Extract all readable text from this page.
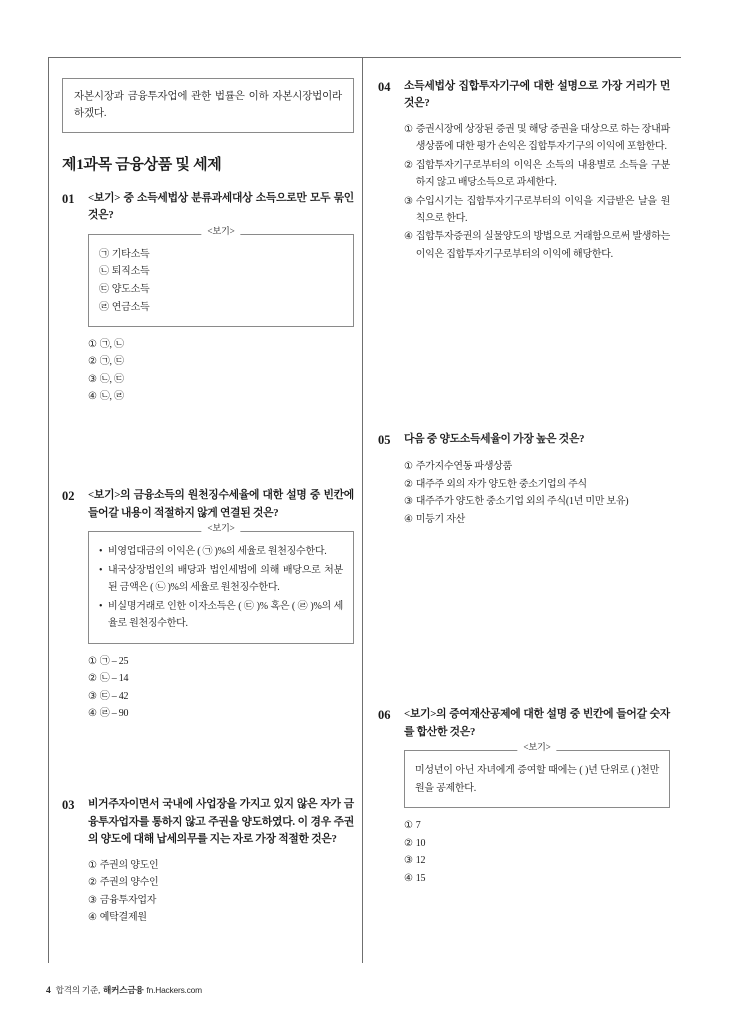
자본시장과 금융투자업에 관한 법률은 이하 자본시장법이라 하겠다.
제1과목 금융상품 및 세제
01	<보기> 중 소득세법상 분류과세대상 소득으로만 모두 묶인 것은?
㉠ 기타소득
㉡ 퇴직소득
㉢ 양도소득
㉣ 연금소득
<보기>
① ㉠, ㉡
② ㉠, ㉢
③ ㉡, ㉢
④ ㉡, ㉣
02	<보기>의 금융소득의 원천징수세율에 대한 설명 중 빈칸에 들어갈 내용이 적절하지 않게 연결된 것은?
• 비영업대금의 이익은 ( ㉠ )%의 세율로 원천징수한다.
• 내국상장법인의 배당과 법인세법에 의해 배당으로 처분된 금액은 ( ㉡ )%의 세율로 원천징수한다.
• 비실명거래로 인한 이자소득은 ( ㉢ )% 혹은 ( ㉣ )%의 세율로 원천징수한다.
<보기>
① ㉠ – 25
② ㉡ – 14
③ ㉢ – 42
④ ㉣ – 90
03	비거주자이면서 국내에 사업장을 가지고 있지 않은 자가 금융투자업자를 통하지 않고 주권을 양도하였다. 이 경우 주권의 양도에 대해 납세의무를 지는 자로 가장 적절한 것은?
① 주권의 양도인
② 주권의 양수인
③ 금융투자업자
④ 예탁결제원
04	소득세법상 집합투자기구에 대한 설명으로 가장 거리가 먼 것은?
① 증권시장에 상장된 증권 및 해당 증권을 대상으로 하는 장내파생상품에 대한 평가 손익은 집합투자기구의 이익에 포함한다.
② 집합투자기구로부터의 이익은 소득의 내용별로 소득을 구분하지 않고 배당소득으로 과세한다.
③ 수입시기는 집합투자기구로부터의 이익을 지급받은 날을 원칙으로 한다.
④ 집합투자증권의 실물양도의 방법으로 거래함으로써 발생하는 이익은 집합투자기구로부터의 이익에 해당한다.
05	다음 중 양도소득세율이 가장 높은 것은?
① 주가지수연동 파생상품
② 대주주 외의 자가 양도한 중소기업의 주식
③ 대주주가 양도한 중소기업 외의 주식(1년 미만 보유)
④ 미등기 자산
06	<보기>의 증여재산공제에 대한 설명 중 빈칸에 들어갈 숫자를 합산한 것은?
미성년이 아닌 자녀에게 증여할 때에는 ( )년 단위로 ( )천만원을 공제한다.
<보기>
① 7
② 10
③ 12
④ 15
4 합격의 기준, 해커스금융 fn.Hackers.com
